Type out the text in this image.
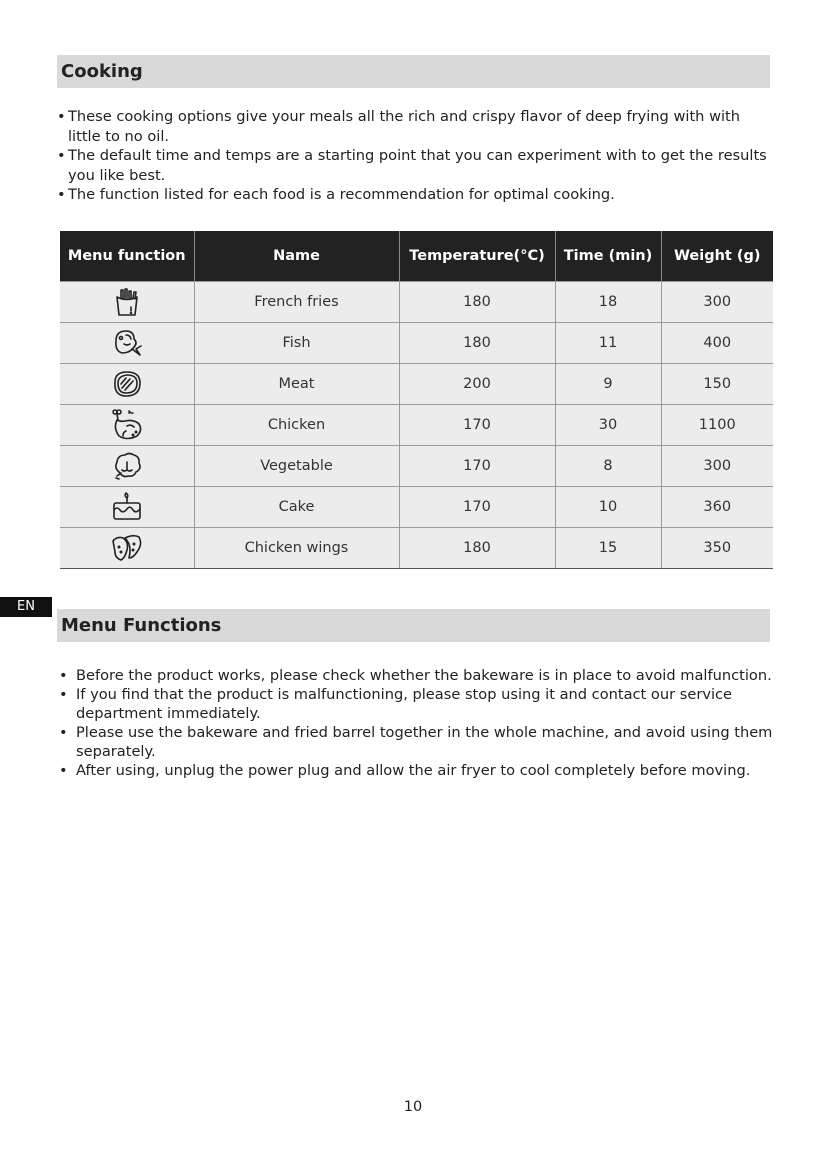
Cooking
• These cooking options give your meals all the rich and crispy flavor of deep frying with with little to no oil.
• The default time and temps are a starting point that you can experiment with to get the results you like best.
• The function listed for each food is a recommendation for optimal cooking.
Menu function	Name	Temperature(°C)	Time (min)	Weight (g)

	French fries	180	18	300

	Fish	180	11	400

	Meat	200	9	150

	Chicken	170	30	1100

	Vegetable	170	8	300

	Cake	170	10	360

	Chicken wings	180	15	350
EN
Menu Functions
• Before the product works, please check whether the bakeware is in place to avoid malfunction.
• If you find that the product is malfunctioning, please stop using it and contact our service department immediately.
• Please use the bakeware and fried barrel together in the whole machine, and avoid using them separately.
• After using, unplug the power plug and allow the air fryer to cool completely before moving.
10
